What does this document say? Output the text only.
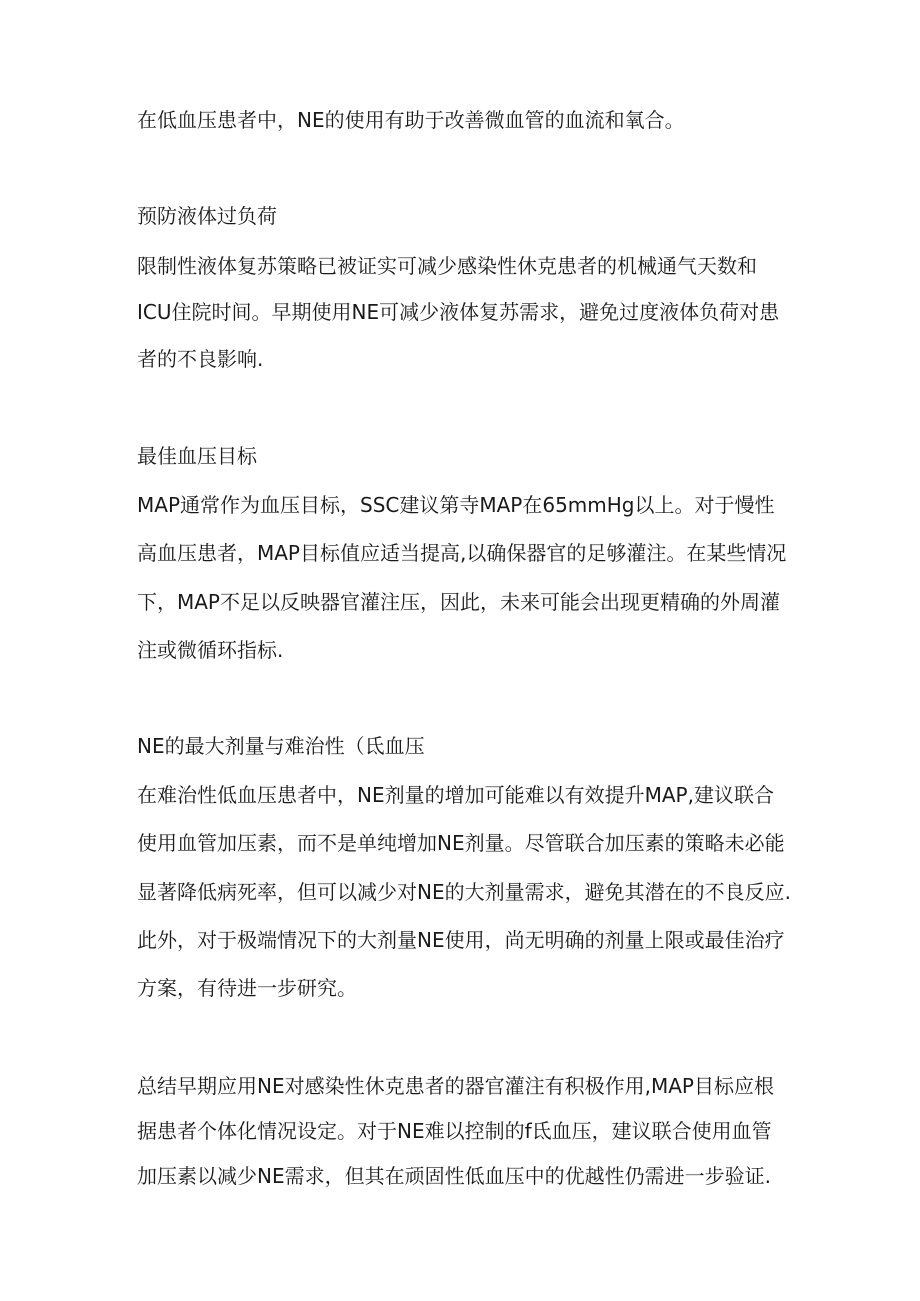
在低血压患者中，NE的使用有助于改善微血管的血流和氧合。
预防液体过负荷
限制性液体复苏策略已被证实可减少感染性休克患者的机械通气天数和
ICU住院时间。早期使用NE可减少液体复苏需求，避免过度液体负荷对患
者的不良影响.
最佳血压目标
MAP通常作为血压目标，SSC建议第寺MAP在65mmHg以上。对于慢性
高血压患者，MAP目标值应适当提高,以确保器官的足够灌注。在某些情况
下，MAP不足以反映器官灌注压，因此，未来可能会出现更精确的外周灌
注或微循环指标.
NE的最大剂量与难治性（氐血压
在难治性低血压患者中，NE剂量的增加可能难以有效提升MAP,建议联合
使用血管加压素，而不是单纯增加NE剂量。尽管联合加压素的策略未必能
显著降低病死率，但可以减少对NE的大剂量需求，避免其潜在的不良反应.
此外，对于极端情况下的大剂量NE使用，尚无明确的剂量上限或最佳治疗
方案，有待进一步研究。
总结早期应用NE对感染性休克患者的器官灌注有积极作用,MAP目标应根
据患者个体化情况设定。对于NE难以控制的f氐血压，建议联合使用血管
加压素以减少NE需求，但其在顽固性低血压中的优越性仍需进一步验证.
